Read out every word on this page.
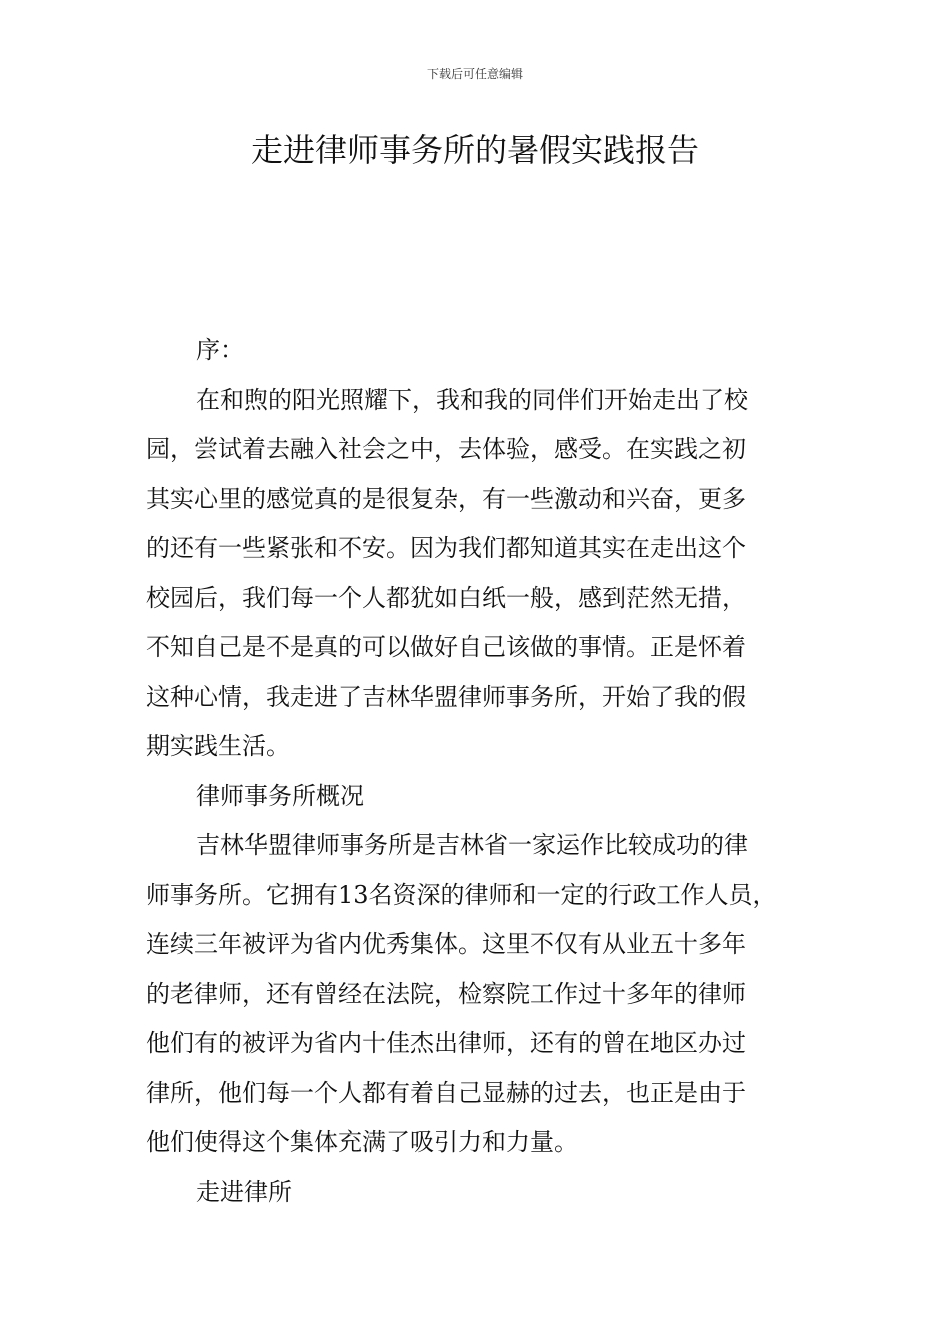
下载后可任意编辑
走进律师事务所的暑假实践报告

序：

在和煦的阳光照耀下，我和我的同伴们开始走出了校
园，尝试着去融入社会之中，去体验，感受。在实践之初
其实心里的感觉真的是很复杂，有一些激动和兴奋，更多
的还有一些紧张和不安。因为我们都知道其实在走出这个
校园后，我们每一个人都犹如白纸一般，感到茫然无措，
不知自己是不是真的可以做好自己该做的事情。正是怀着
这种心情，我走进了吉林华盟律师事务所，开始了我的假
期实践生活。

律师事务所概况

吉林华盟律师事务所是吉林省一家运作比较成功的律
师事务所。它拥有13名资深的律师和一定的行政工作人员，
连续三年被评为省内优秀集体。这里不仅有从业五十多年
的老律师，还有曾经在法院，检察院工作过十多年的律师
他们有的被评为省内十佳杰出律师，还有的曾在地区办过
律所，他们每一个人都有着自己显赫的过去，也正是由于
他们使得这个集体充满了吸引力和力量。

走进律所
